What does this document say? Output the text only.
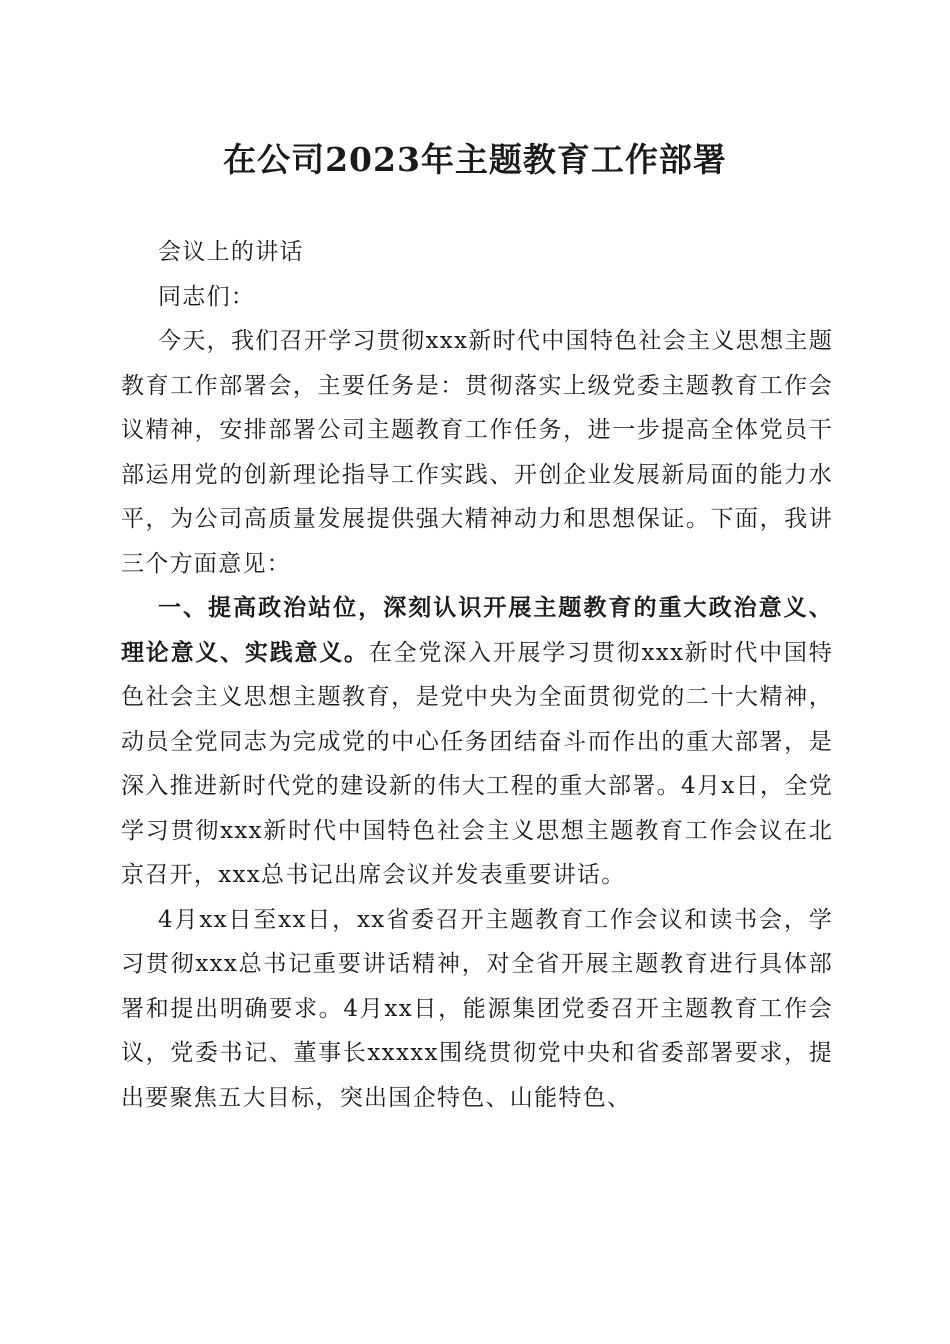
在公司2023年主题教育工作部署

会议上的讲话

同志们：

今天，我们召开学习贯彻xxx新时代中国特色社会主义思想主题教育工作部署会，主要任务是：贯彻落实上级党委主题教育工作会议精神，安排部署公司主题教育工作任务，进一步提高全体党员干部运用党的创新理论指导工作实践、开创企业发展新局面的能力水平，为公司高质量发展提供强大精神动力和思想保证。下面，我讲三个方面意见：

一、提高政治站位，深刻认识开展主题教育的重大政治意义、理论意义、实践意义。在全党深入开展学习贯彻xxx新时代中国特色社会主义思想主题教育，是党中央为全面贯彻党的二十大精神，动员全党同志为完成党的中心任务团结奋斗而作出的重大部署，是深入推进新时代党的建设新的伟大工程的重大部署。4月x日，全党学习贯彻xxx新时代中国特色社会主义思想主题教育工作会议在北京召开，xxx总书记出席会议并发表重要讲话。

4月xx日至xx日，xx省委召开主题教育工作会议和读书会，学习贯彻xxx总书记重要讲话精神，对全省开展主题教育进行具体部署和提出明确要求。4月xx日，能源集团党委召开主题教育工作会议，党委书记、董事长xxxxx围绕贯彻党中央和省委部署要求，提出要聚焦五大目标，突出国企特色、山能特色、
